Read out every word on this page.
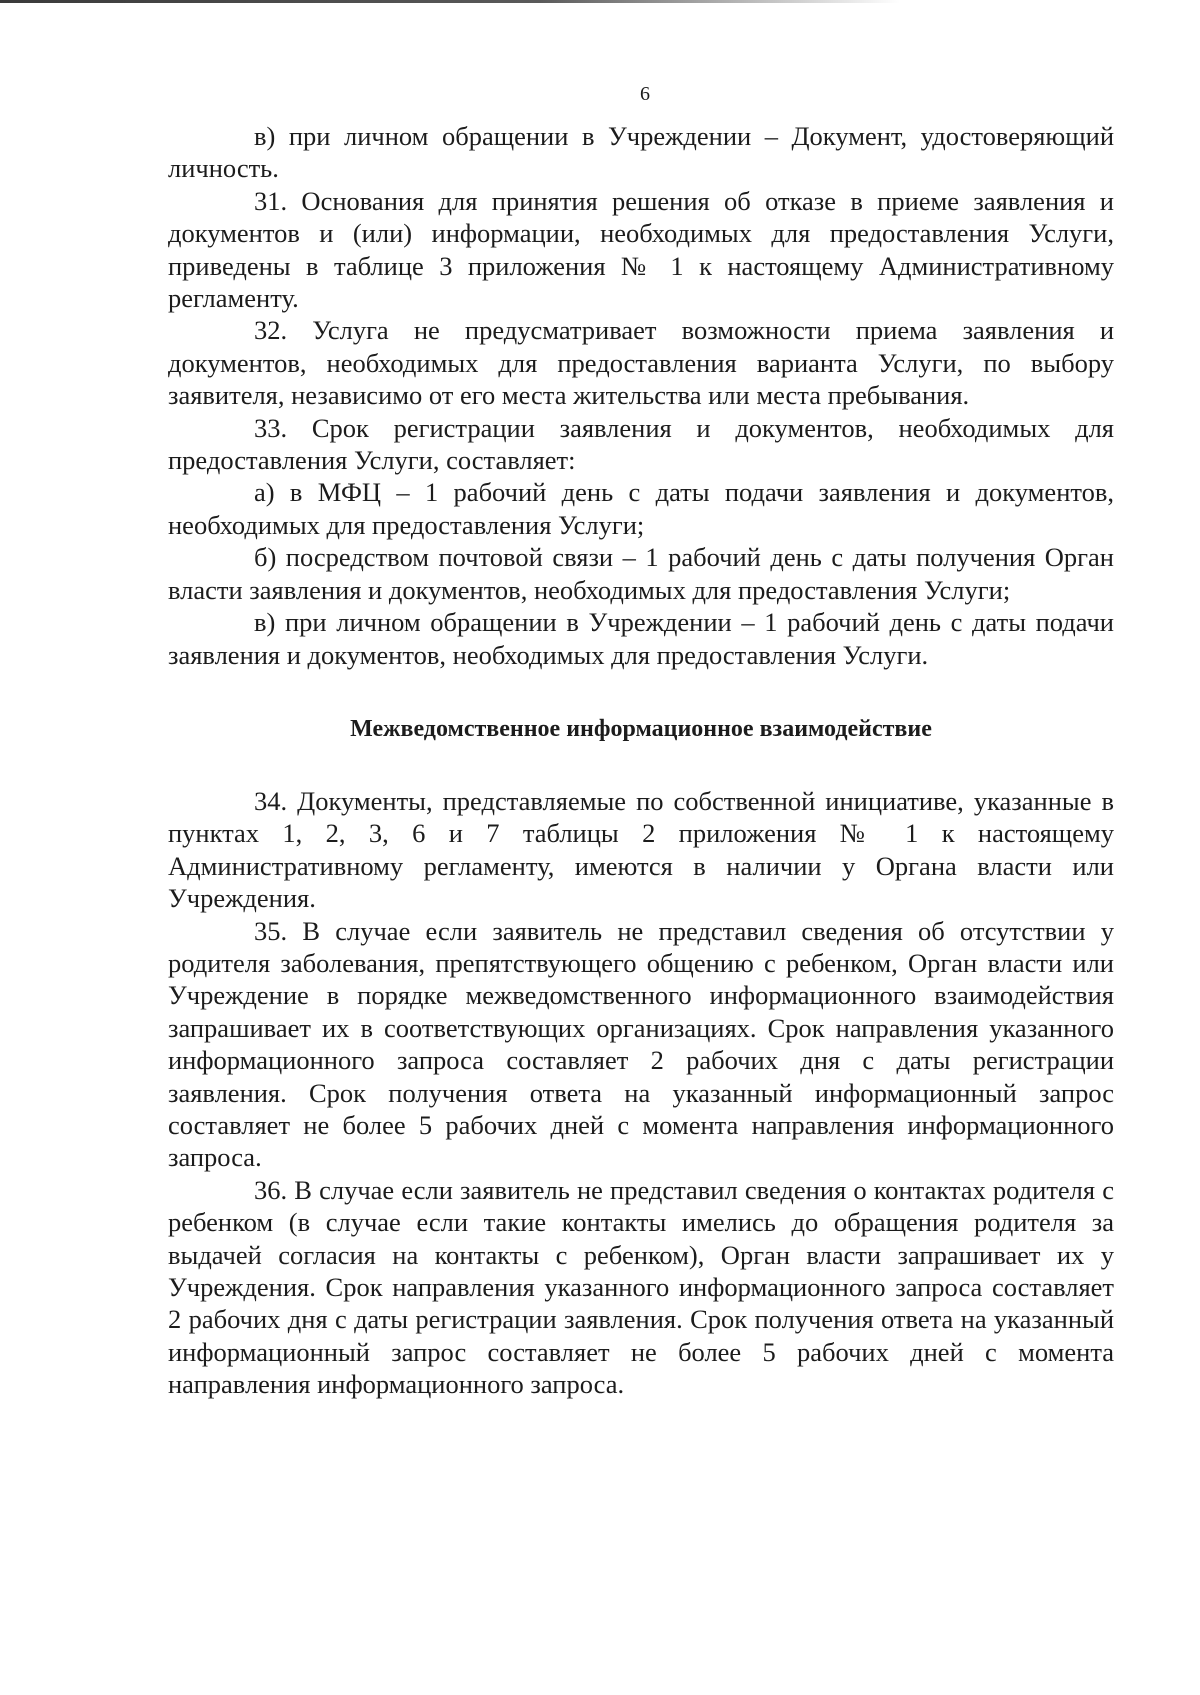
6

в) при личном обращении в Учреждении – Документ, удостоверяющий личность.

31. Основания для принятия решения об отказе в приеме заявления и документов и (или) информации, необходимых для предоставления Услуги, приведены в таблице 3 приложения № 1 к настоящему Административному регламенту.

32. Услуга не предусматривает возможности приема заявления и документов, необходимых для предоставления варианта Услуги, по выбору заявителя, независимо от его места жительства или места пребывания.

33. Срок регистрации заявления и документов, необходимых для предоставления Услуги, составляет:

а) в МФЦ – 1 рабочий день с даты подачи заявления и документов, необходимых для предоставления Услуги;

б) посредством почтовой связи – 1 рабочий день с даты получения Орган власти заявления и документов, необходимых для предоставления Услуги;

в) при личном обращении в Учреждении – 1 рабочий день с даты подачи заявления и документов, необходимых для предоставления Услуги.

Межведомственное информационное взаимодействие

34. Документы, представляемые по собственной инициативе, указанные в пунктах 1, 2, 3, 6 и 7 таблицы 2 приложения № 1 к настоящему Административному регламенту, имеются в наличии у Органа власти или Учреждения.

35. В случае если заявитель не представил сведения об отсутствии у родителя заболевания, препятствующего общению с ребенком, Орган власти или Учреждение в порядке межведомственного информационного взаимодействия запрашивает их в соответствующих организациях. Срок направления указанного информационного запроса составляет 2 рабочих дня с даты регистрации заявления. Срок получения ответа на указанный информационный запрос составляет не более 5 рабочих дней с момента направления информационного запроса.

36. В случае если заявитель не представил сведения о контактах родителя с ребенком (в случае если такие контакты имелись до обращения родителя за выдачей согласия на контакты с ребенком), Орган власти запрашивает их у Учреждения. Срок направления указанного информационного запроса составляет 2 рабочих дня с даты регистрации заявления. Срок получения ответа на указанный информационный запрос составляет не более 5 рабочих дней с момента направления информационного запроса.
